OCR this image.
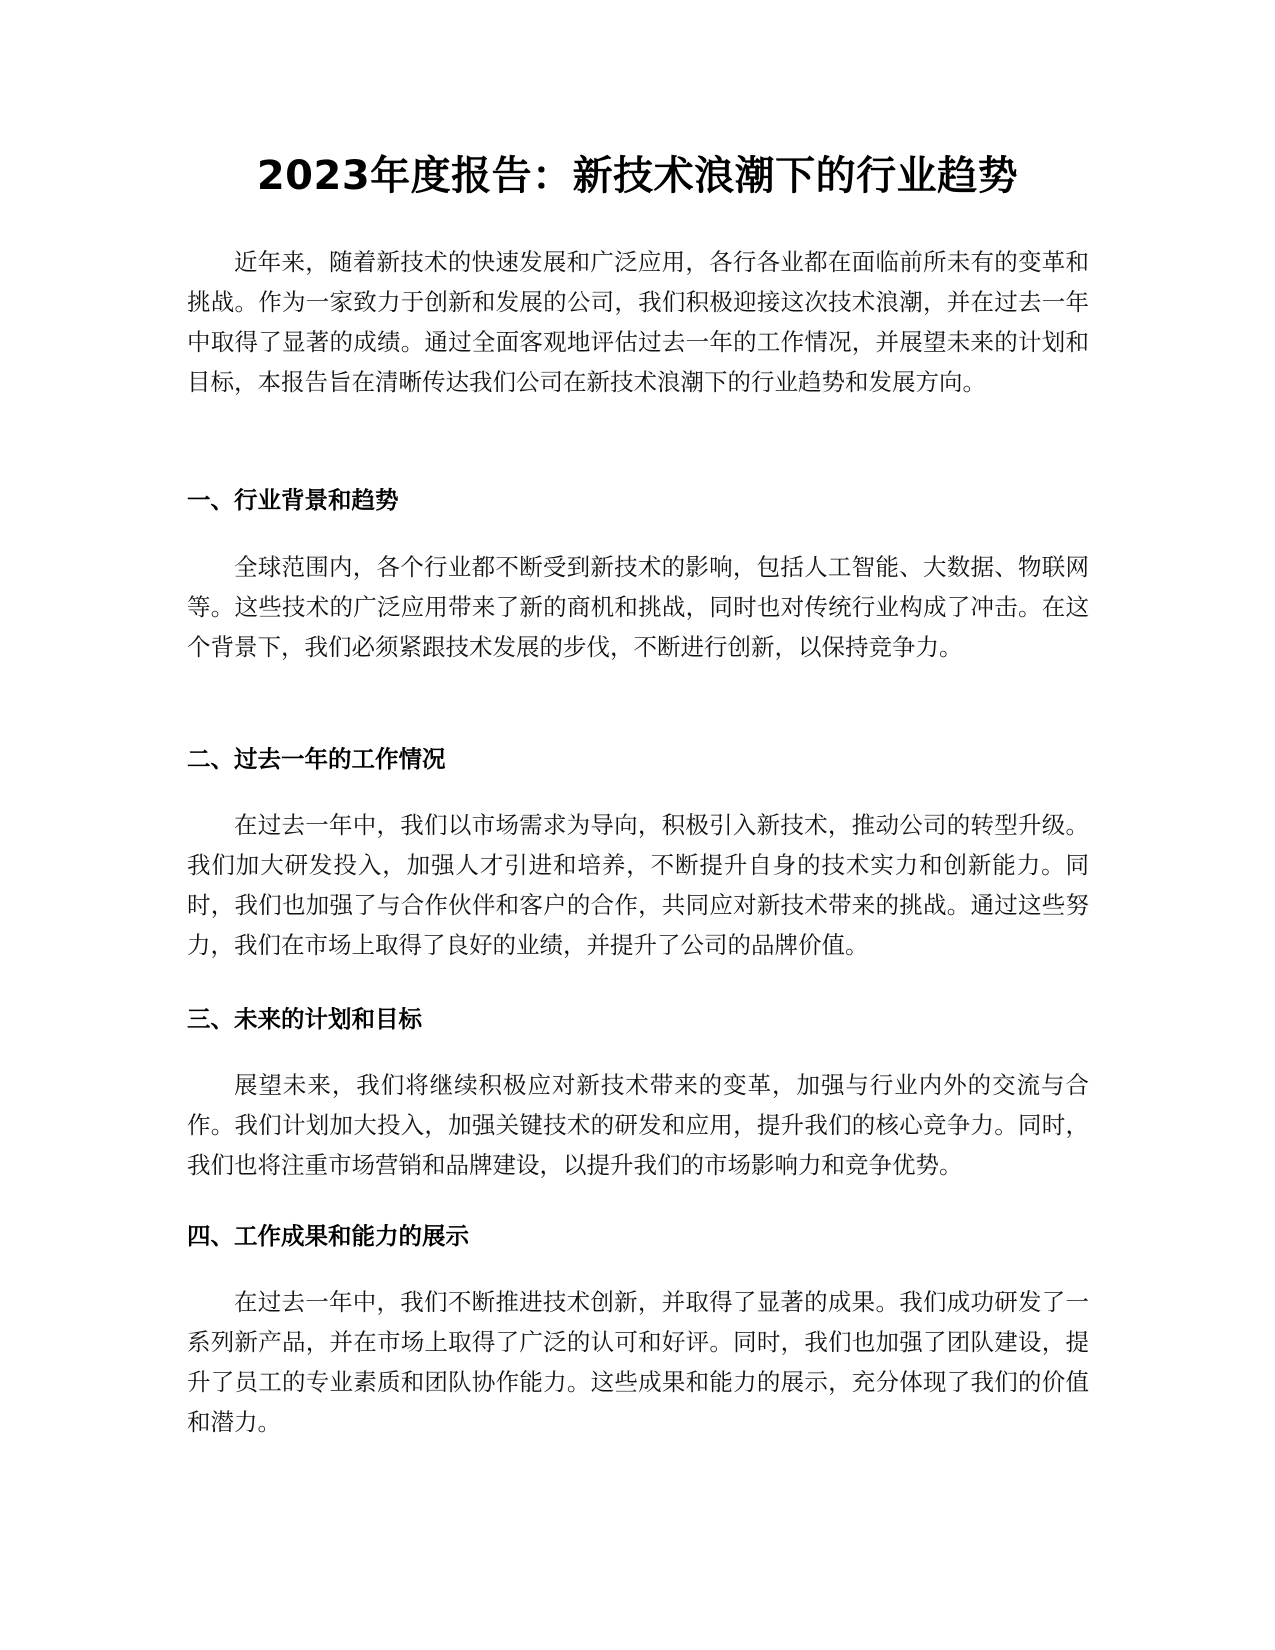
2023年度报告：新技术浪潮下的行业趋势

近年来，随着新技术的快速发展和广泛应用，各行各业都在面临前所未有的变革和挑战。作为一家致力于创新和发展的公司，我们积极迎接这次技术浪潮，并在过去一年中取得了显著的成绩。通过全面客观地评估过去一年的工作情况，并展望未来的计划和目标，本报告旨在清晰传达我们公司在新技术浪潮下的行业趋势和发展方向。

一、行业背景和趋势

全球范围内，各个行业都不断受到新技术的影响，包括人工智能、大数据、物联网等。这些技术的广泛应用带来了新的商机和挑战，同时也对传统行业构成了冲击。在这个背景下，我们必须紧跟技术发展的步伐，不断进行创新，以保持竞争力。

二、过去一年的工作情况

在过去一年中，我们以市场需求为导向，积极引入新技术，推动公司的转型升级。我们加大研发投入，加强人才引进和培养，不断提升自身的技术实力和创新能力。同时，我们也加强了与合作伙伴和客户的合作，共同应对新技术带来的挑战。通过这些努力，我们在市场上取得了良好的业绩，并提升了公司的品牌价值。

三、未来的计划和目标

展望未来，我们将继续积极应对新技术带来的变革，加强与行业内外的交流与合作。我们计划加大投入，加强关键技术的研发和应用，提升我们的核心竞争力。同时，我们也将注重市场营销和品牌建设，以提升我们的市场影响力和竞争优势。

四、工作成果和能力的展示

在过去一年中，我们不断推进技术创新，并取得了显著的成果。我们成功研发了一系列新产品，并在市场上取得了广泛的认可和好评。同时，我们也加强了团队建设，提升了员工的专业素质和团队协作能力。这些成果和能力的展示，充分体现了我们的价值和潜力。
